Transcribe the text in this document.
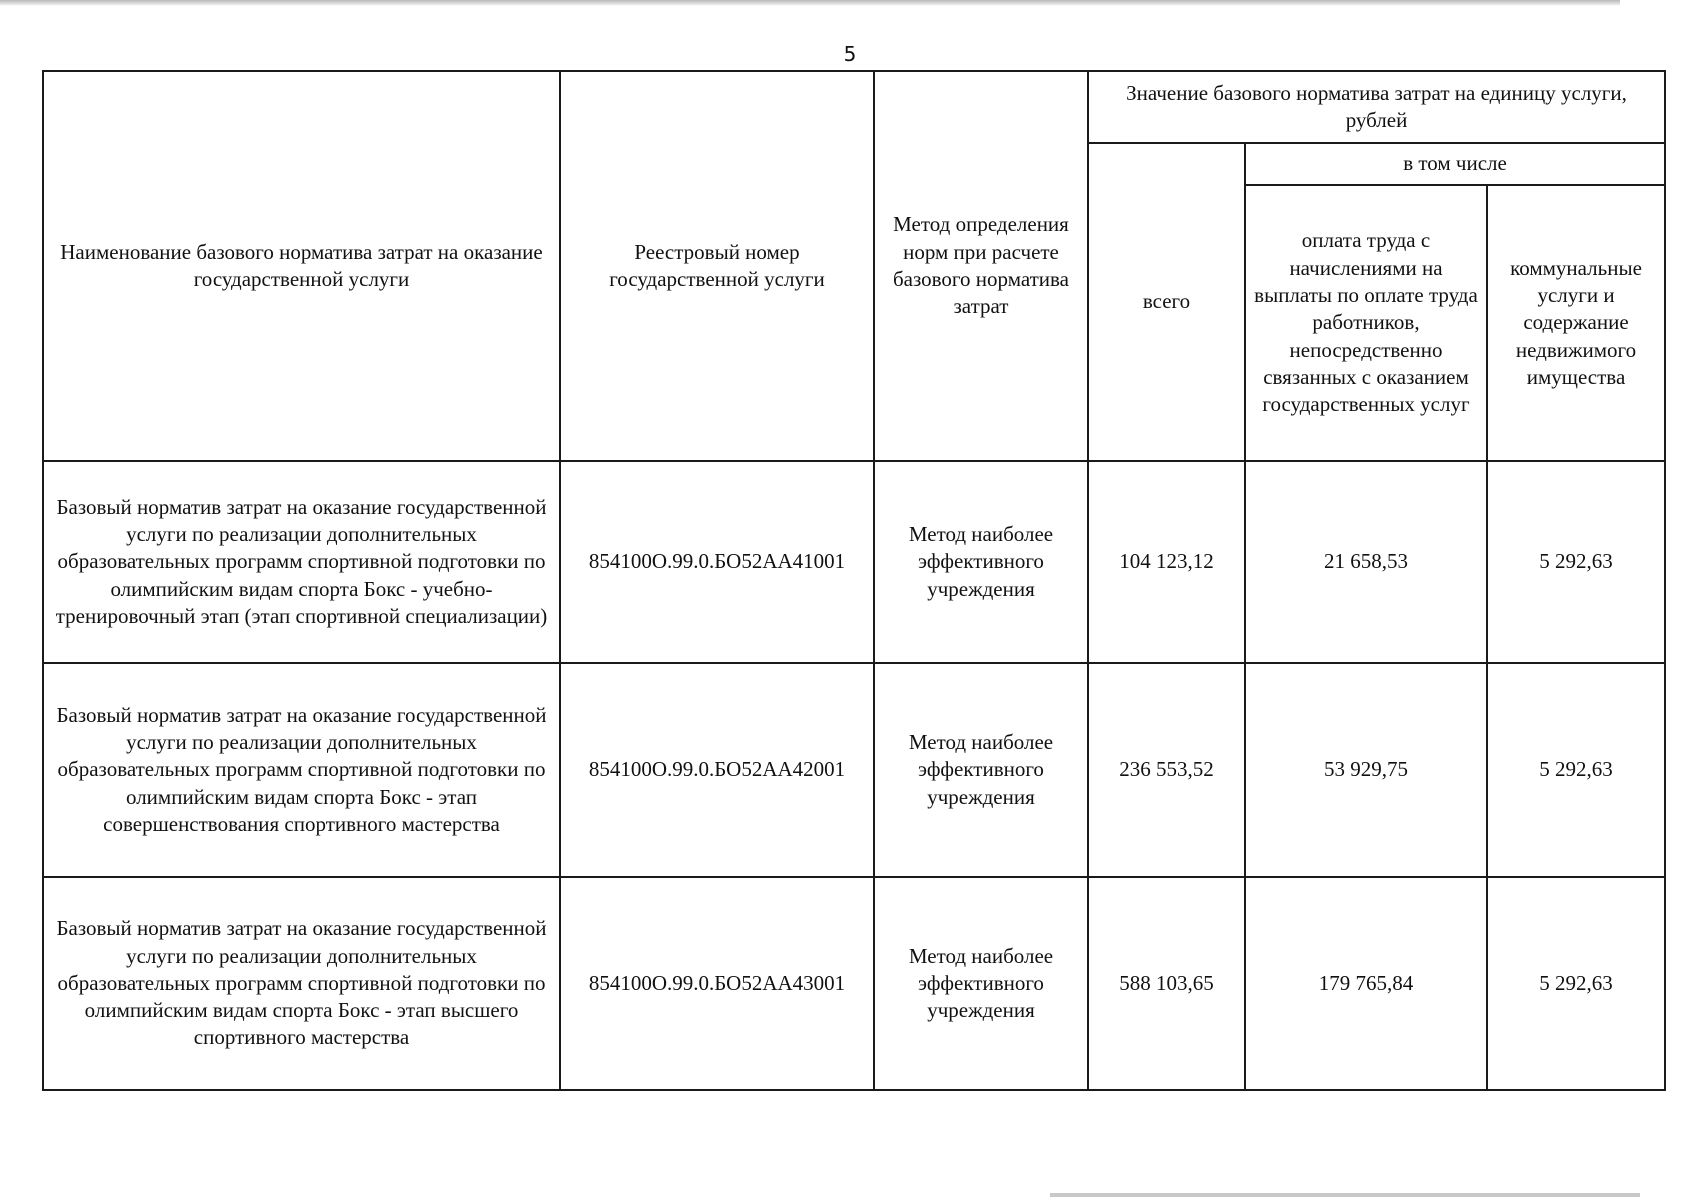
5
Наименование базового норматива затрат на оказание государственной услуги	Реестровый номер государственной услуги	Метод определения норм при расчете базового норматива затрат	Значение базового норматива затрат на единицу услуги, рублей		
			всего	в том числе	
				оплата труда с начислениями на выплаты по оплате труда работников, непосредственно связанных с оказанием государственных услуг	коммунальные услуги и содержание недвижимого имущества
Базовый норматив затрат на оказание государственной услуги по реализации дополнительных образовательных программ спортивной подготовки по олимпийским видам спорта Бокс - учебно-тренировочный этап (этап спортивной специализации)	854100О.99.0.БО52АА41001	Метод наиболее эффективного учреждения	104 123,12	21 658,53	5 292,63
Базовый норматив затрат на оказание государственной услуги по реализации дополнительных образовательных программ спортивной подготовки по олимпийским видам спорта Бокс - этап совершенствования спортивного мастерства	854100О.99.0.БО52АА42001	Метод наиболее эффективного учреждения	236 553,52	53 929,75	5 292,63
Базовый норматив затрат на оказание государственной услуги по реализации дополнительных образовательных программ спортивной подготовки по олимпийским видам спорта Бокс - этап высшего спортивного мастерства	854100О.99.0.БО52АА43001	Метод наиболее эффективного учреждения	588 103,65	179 765,84	5 292,63
